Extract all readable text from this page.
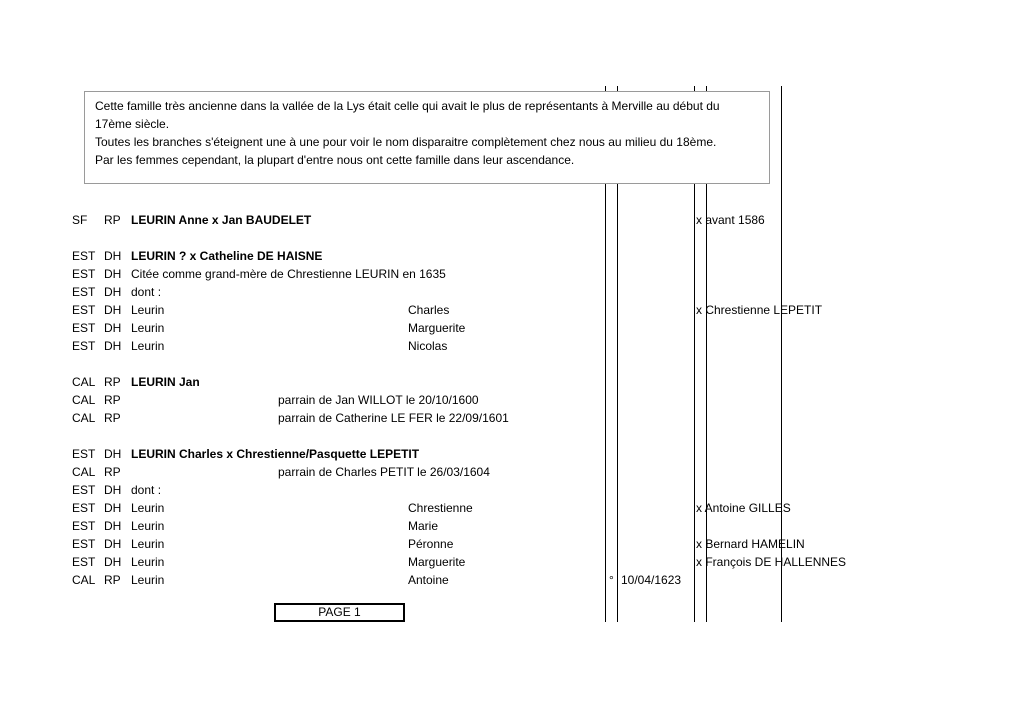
Cette famille très ancienne dans la vallée de la Lys était celle qui avait le plus de représentants à Merville au début du
17ème siècle.
Toutes les branches s'éteignent une à une pour voir le nom disparaitre complètement chez nous au milieu du 18ème.
Par les femmes cependant, la plupart d'entre nous ont cette famille dans leur ascendance.
SF RP LEURIN Anne x Jan BAUDELET	x avant 1586
EST DH LEURIN ? x Catheline DE HAISNE
EST DH Citée comme grand-mère de Chrestienne LEURIN en 1635
EST DH dont :
EST DH Leurin	Charles	x Chrestienne LEPETIT
EST DH Leurin	Marguerite
EST DH Leurin	Nicolas
CAL RP LEURIN Jan
CAL RP	parrain de Jan WILLOT le 20/10/1600
CAL RP	parrain de Catherine LE FER le 22/09/1601
EST DH LEURIN Charles x Chrestienne/Pasquette LEPETIT
CAL RP	parrain de Charles PETIT le 26/03/1604
EST DH dont :
EST DH Leurin	Chrestienne	x Antoine GILLES
EST DH Leurin	Marie
EST DH Leurin	Péronne	x Bernard HAMELIN
EST DH Leurin	Marguerite	x François DE HALLENNES
CAL RP Leurin	Antoine	° 10/04/1623
PAGE 1
